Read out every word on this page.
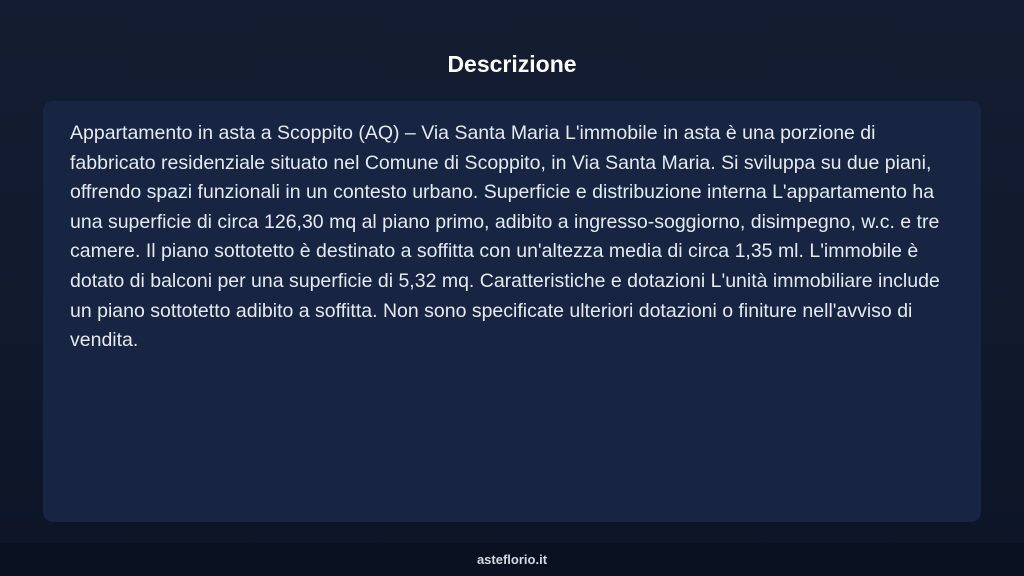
Descrizione

Appartamento in asta a Scoppito (AQ) – Via Santa Maria L'immobile in asta è una porzione di fabbricato residenziale situato nel Comune di Scoppito, in Via Santa Maria. Si sviluppa su due piani, offrendo spazi funzionali in un contesto urbano. Superficie e distribuzione interna L'appartamento ha una superficie di circa 126,30 mq al piano primo, adibito a ingresso-soggiorno, disimpegno, w.c. e tre camere. Il piano sottotetto è destinato a soffitta con un'altezza media di circa 1,35 ml. L'immobile è dotato di balconi per una superficie di 5,32 mq. Caratteristiche e dotazioni L'unità immobiliare include un piano sottotetto adibito a soffitta. Non sono specificate ulteriori dotazioni o finiture nell'avviso di vendita.

asteflorio.it
